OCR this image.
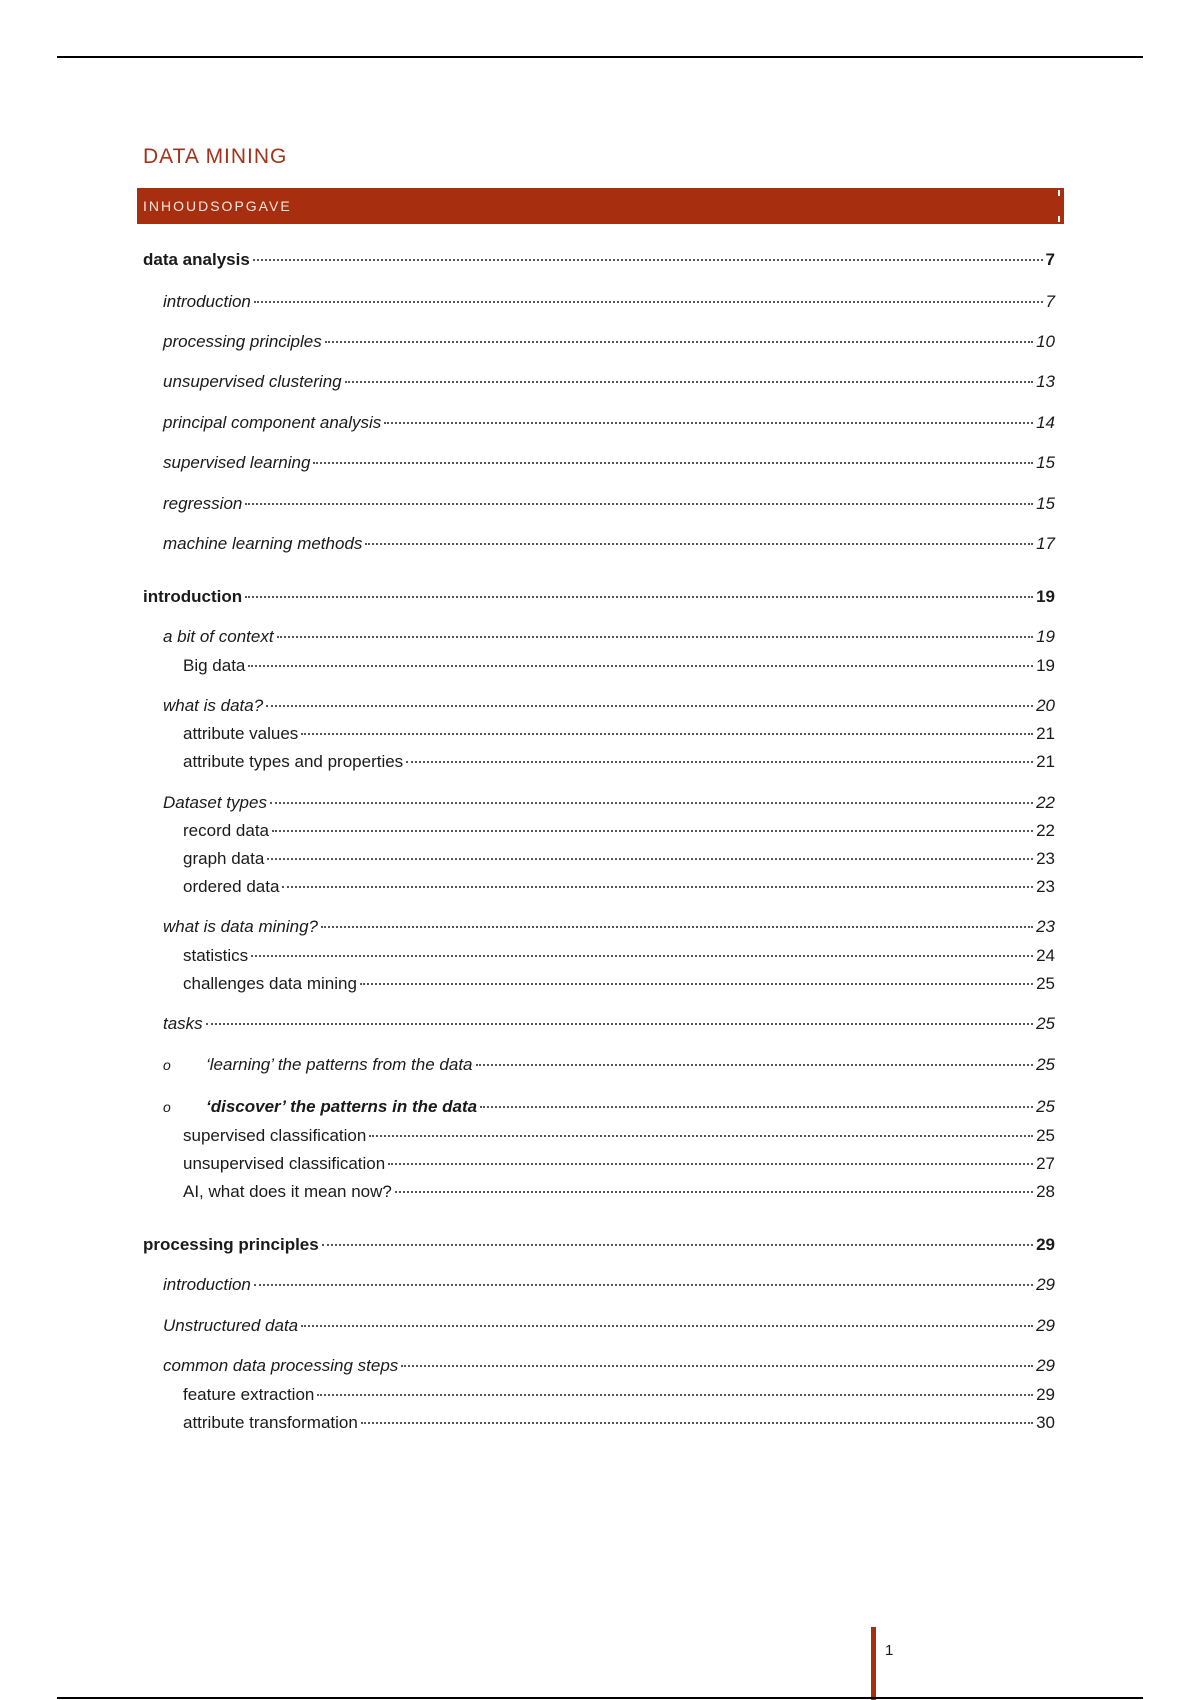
DATA MINING
INHOUDSOPGAVE
data analysis	7
introduction	7
processing principles	10
unsupervised clustering	13
principal component analysis	14
supervised learning	15
regression	15
machine learning methods	17
introduction	19
a bit of context	19
Big data	19
what is data?	20
attribute values	21
attribute types and properties	21
Dataset types	22
record data	22
graph data	23
ordered data	23
what is data mining?	23
statistics	24
challenges data mining	25
tasks	25
o	‘learning’ the patterns from the data	25
o	‘discover’ the patterns in the data	25
supervised classification	25
unsupervised classification	27
AI, what does it mean now?	28
processing principles	29
introduction	29
Unstructured data	29
common data processing steps	29
feature extraction	29
attribute transformation	30
1
